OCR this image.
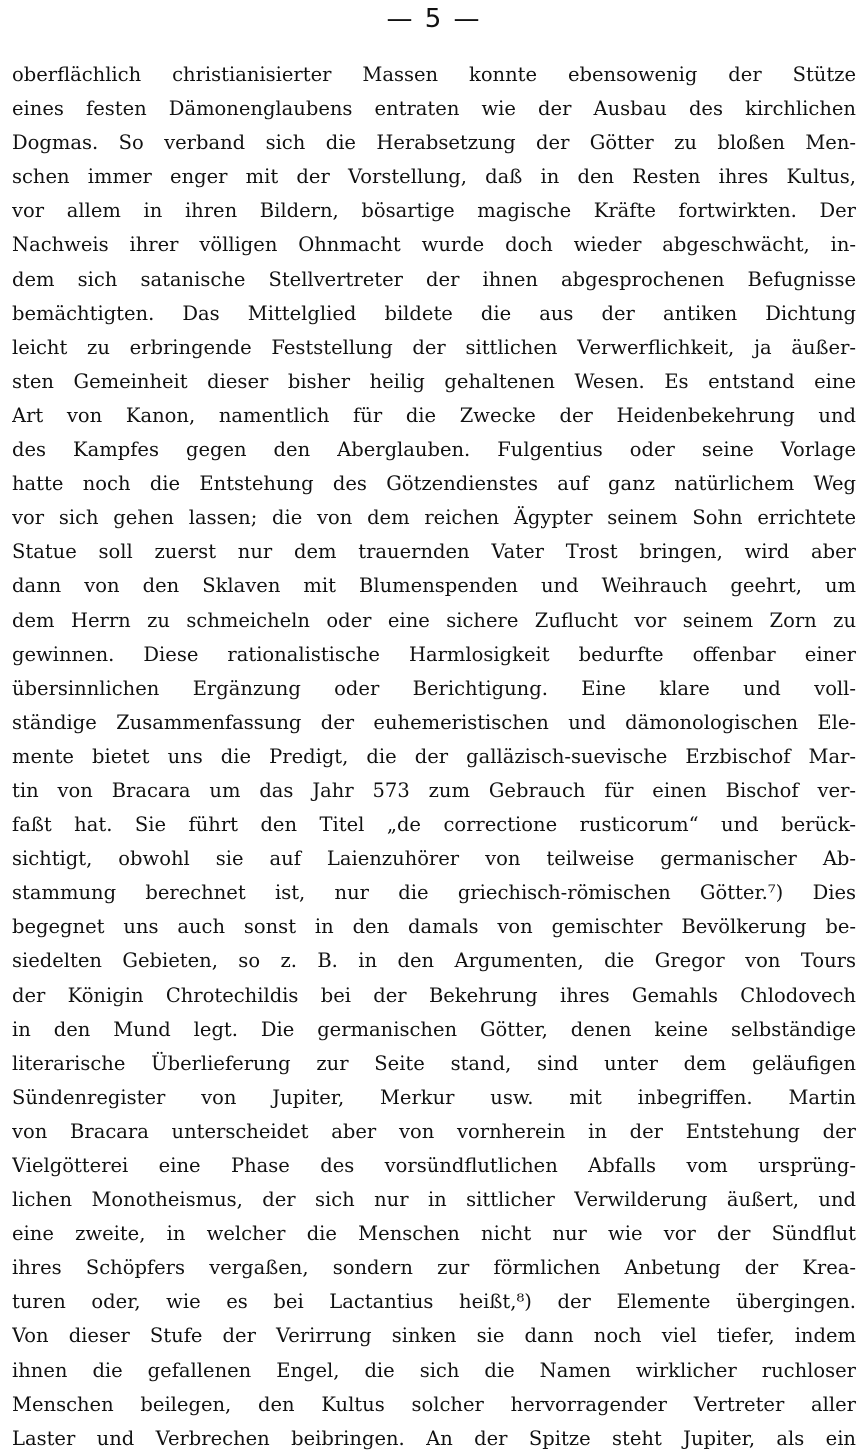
— 5 —
oberflächlich christianisierter Massen konnte ebensowenig der Stütze
eines festen Dämonenglaubens entraten wie der Ausbau des kirchlichen
Dogmas. So verband sich die Herabsetzung der Götter zu bloßen Men-
schen immer enger mit der Vorstellung, daß in den Resten ihres Kultus,
vor allem in ihren Bildern, bösartige magische Kräfte fortwirkten. Der
Nachweis ihrer völligen Ohnmacht wurde doch wieder abgeschwächt, in-
dem sich satanische Stellvertreter der ihnen abgesprochenen Befugnisse
bemächtigten. Das Mittelglied bildete die aus der antiken Dichtung
leicht zu erbringende Feststellung der sittlichen Verwerflichkeit, ja äußer-
sten Gemeinheit dieser bisher heilig gehaltenen Wesen. Es entstand eine
Art von Kanon, namentlich für die Zwecke der Heidenbekehrung und
des Kampfes gegen den Aberglauben. Fulgentius oder seine Vorlage
hatte noch die Entstehung des Götzendienstes auf ganz natürlichem Weg
vor sich gehen lassen; die von dem reichen Ägypter seinem Sohn errichtete
Statue soll zuerst nur dem trauernden Vater Trost bringen, wird aber
dann von den Sklaven mit Blumenspenden und Weihrauch geehrt, um
dem Herrn zu schmeicheln oder eine sichere Zuflucht vor seinem Zorn zu
gewinnen. Diese rationalistische Harmlosigkeit bedurfte offenbar einer
übersinnlichen Ergänzung oder Berichtigung. Eine klare und voll-
ständige Zusammenfassung der euhemeristischen und dämonologischen Ele-
mente bietet uns die Predigt, die der galläzisch-suevische Erzbischof Mar-
tin von Bracara um das Jahr 573 zum Gebrauch für einen Bischof ver-
faßt hat. Sie führt den Titel „de correctione rusticorum“ und berück-
sichtigt, obwohl sie auf Laienzuhörer von teilweise germanischer Ab-
stammung berechnet ist, nur die griechisch-römischen Götter.⁷) Dies
begegnet uns auch sonst in den damals von gemischter Bevölkerung be-
siedelten Gebieten, so z. B. in den Argumenten, die Gregor von Tours
der Königin Chrotechildis bei der Bekehrung ihres Gemahls Chlodovech
in den Mund legt. Die germanischen Götter, denen keine selbständige
literarische Überlieferung zur Seite stand, sind unter dem geläufigen
Sündenregister von Jupiter, Merkur usw. mit inbegriffen. Martin
von Bracara unterscheidet aber von vornherein in der Entstehung der
Vielgötterei eine Phase des vorsündflutlichen Abfalls vom ursprüng-
lichen Monotheismus, der sich nur in sittlicher Verwilderung äußert, und
eine zweite, in welcher die Menschen nicht nur wie vor der Sündflut
ihres Schöpfers vergaßen, sondern zur förmlichen Anbetung der Krea-
turen oder, wie es bei Lactantius heißt,⁸) der Elemente übergingen.
Von dieser Stufe der Verirrung sinken sie dann noch viel tiefer, indem
ihnen die gefallenen Engel, die sich die Namen wirklicher ruchloser
Menschen beilegen, den Kultus solcher hervorragender Vertreter aller
Laster und Verbrechen beibringen. An der Spitze steht Jupiter, als ein
